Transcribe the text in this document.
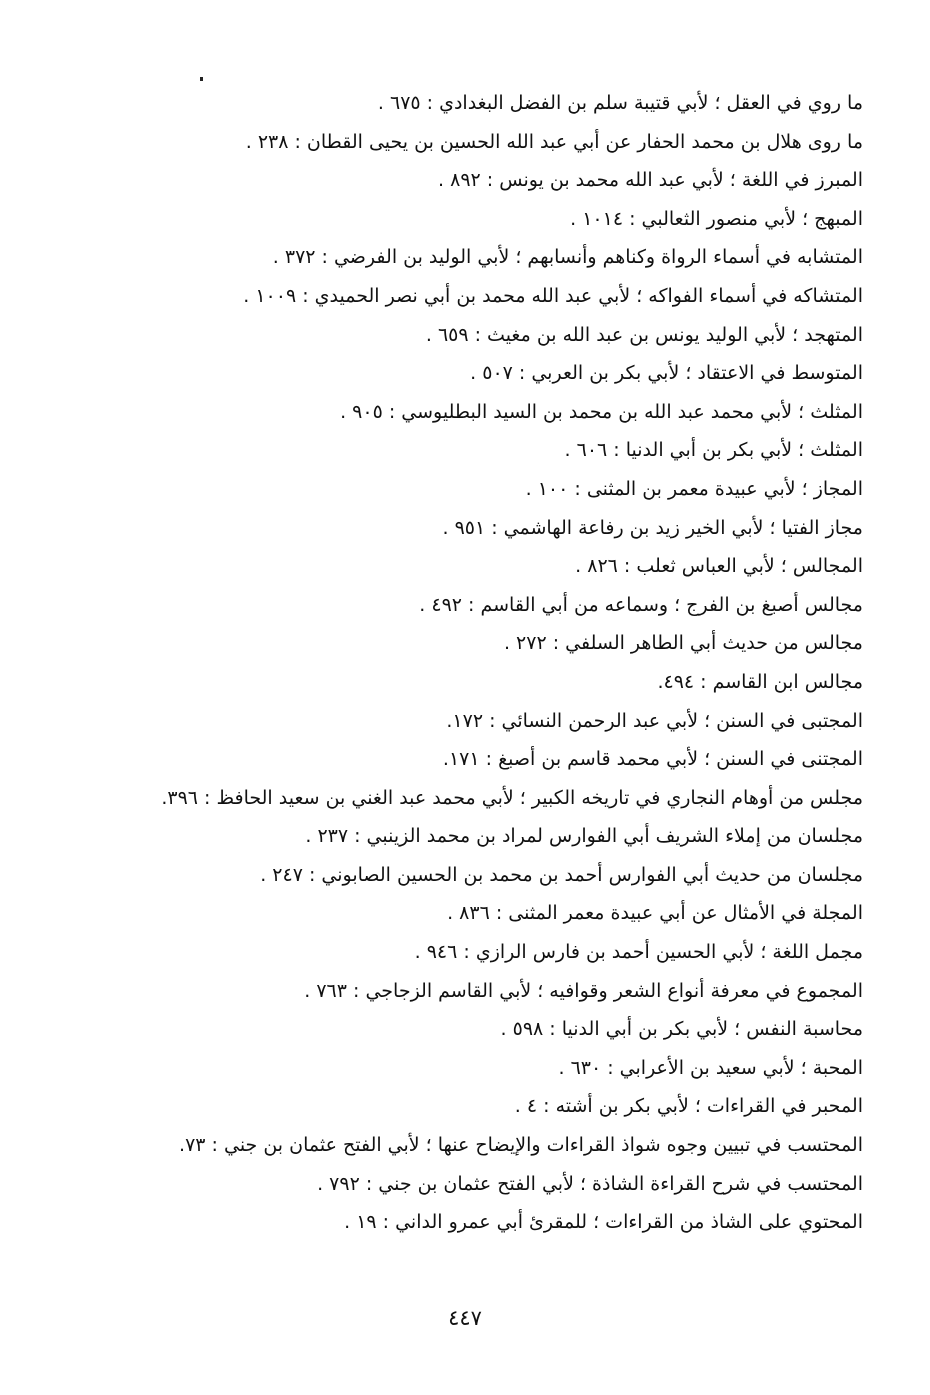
ما روي في العقل ؛ لأبي قتيبة سلم بن الفضل البغدادي : ٦٧٥ .
ما روى هلال بن محمد الحفار عن أبي عبد الله الحسين بن يحيى القطان : ٢٣٨ .
المبرز في اللغة ؛ لأبي عبد الله محمد بن يونس : ٨٩٢ .
المبهج ؛ لأبي منصور الثعالبي : ١٠١٤ .
المتشابه في أسماء الرواة وكناهم وأنسابهم ؛ لأبي الوليد بن الفرضي : ٣٧٢ .
المتشاكه في أسماء الفواكه ؛ لأبي عبد الله محمد بن أبي نصر الحميدي : ١٠٠٩ .
المتهجد ؛ لأبي الوليد يونس بن عبد الله بن مغيث : ٦٥٩ .
المتوسط في الاعتقاد ؛ لأبي بكر بن العربي : ٥٠٧ .
المثلث ؛ لأبي محمد عبد الله بن محمد بن السيد البطليوسي : ٩٠٥ .
المثلث ؛ لأبي بكر بن أبي الدنيا : ٦٠٦ .
المجاز ؛ لأبي عبيدة معمر بن المثنى : ١٠٠ .
مجاز الفتيا ؛ لأبي الخير زيد بن رفاعة الهاشمي : ٩٥١ .
المجالس ؛ لأبي العباس ثعلب : ٨٢٦ .
مجالس أصبغ بن الفرج ؛ وسماعه من أبي القاسم : ٤٩٢ .
مجالس من حديث أبي الطاهر السلفي : ٢٧٢ .
مجالس ابن القاسم : ٤٩٤.
المجتبى في السنن ؛ لأبي عبد الرحمن النسائي : ١٧٢.
المجتنى في السنن ؛ لأبي محمد قاسم بن أصبغ : ١٧١.
مجلس من أوهام النجاري في تاريخه الكبير ؛ لأبي محمد عبد الغني بن سعيد الحافظ : ٣٩٦.
مجلسان من إملاء الشريف أبي الفوارس لمراد بن محمد الزينبي : ٢٣٧ .
مجلسان من حديث أبي الفوارس أحمد بن محمد بن الحسين الصابوني : ٢٤٧ .
المجلة في الأمثال عن أبي عبيدة معمر المثنى : ٨٣٦ .
مجمل اللغة ؛ لأبي الحسين أحمد بن فارس الرازي : ٩٤٦ .
المجموع في معرفة أنواع الشعر وقوافيه ؛ لأبي القاسم الزجاجي : ٧٦٣ .
محاسبة النفس ؛ لأبي بكر بن أبي الدنيا : ٥٩٨ .
المحبة ؛ لأبي سعيد بن الأعرابي : ٦٣٠ .
المحبر في القراءات ؛ لأبي بكر بن أشته : ٤ .
المحتسب في تبيين وجوه شواذ القراءات والإيضاح عنها ؛ لأبي الفتح عثمان بن جني : ٧٣.
المحتسب في شرح القراءة الشاذة ؛ لأبي الفتح عثمان بن جني : ٧٩٢ .
المحتوي على الشاذ من القراءات ؛ للمقرئ أبي عمرو الداني : ١٩ .
٤٤٧
